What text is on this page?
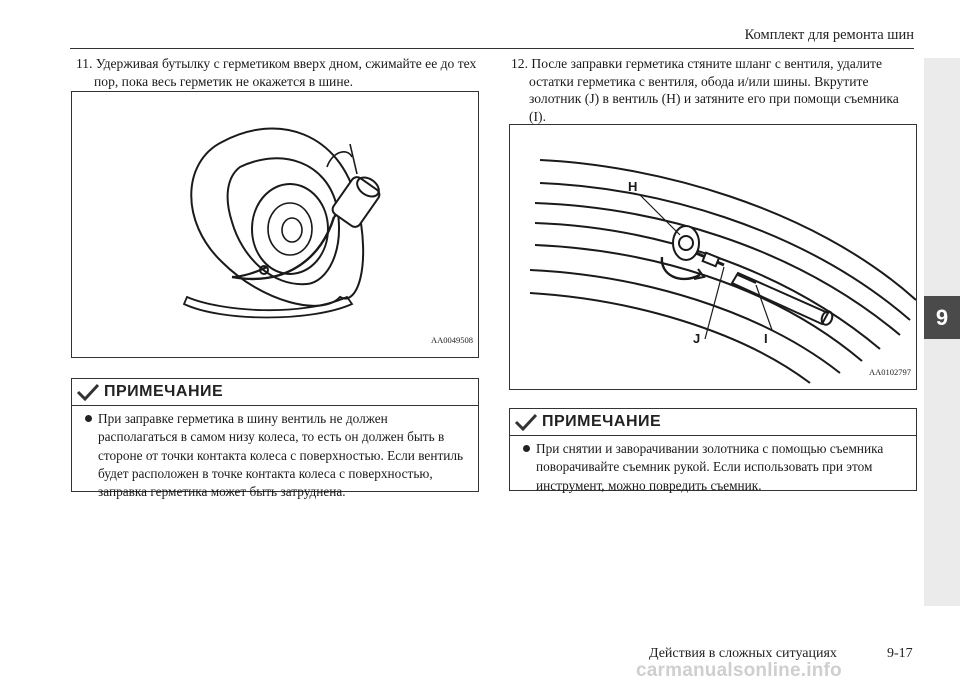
Комплект для ремонта шин
9
11. Удерживая бутылку с герметиком вверх дном, сжимайте ее до тех пор, пока весь герметик не окажется в шине.
AA0049508
ПРИМЕЧАНИЕ
При заправке герметика в шину вентиль не должен располагаться в самом низу колеса, то есть он должен быть в стороне от точки контакта колеса с поверхностью. Если вентиль будет расположен в точке контакта колеса с поверхностью, заправка герметика может быть затруднена.
12. После заправки герметика стяните шланг с вентиля, удалите остатки герметика с вентиля, обода и/или шины. Вкрутите золотник (J) в вентиль (H) и затяните его при помощи съемника (I).
H
J	I
AA0102797
ПРИМЕЧАНИЕ
При снятии и заворачивании золотника с помощью съемника поворачивайте съемник рукой. Если использовать при этом инструмент, можно повредить съемник.
Действия в сложных ситуациях	9-17
carmanualsonline.info
